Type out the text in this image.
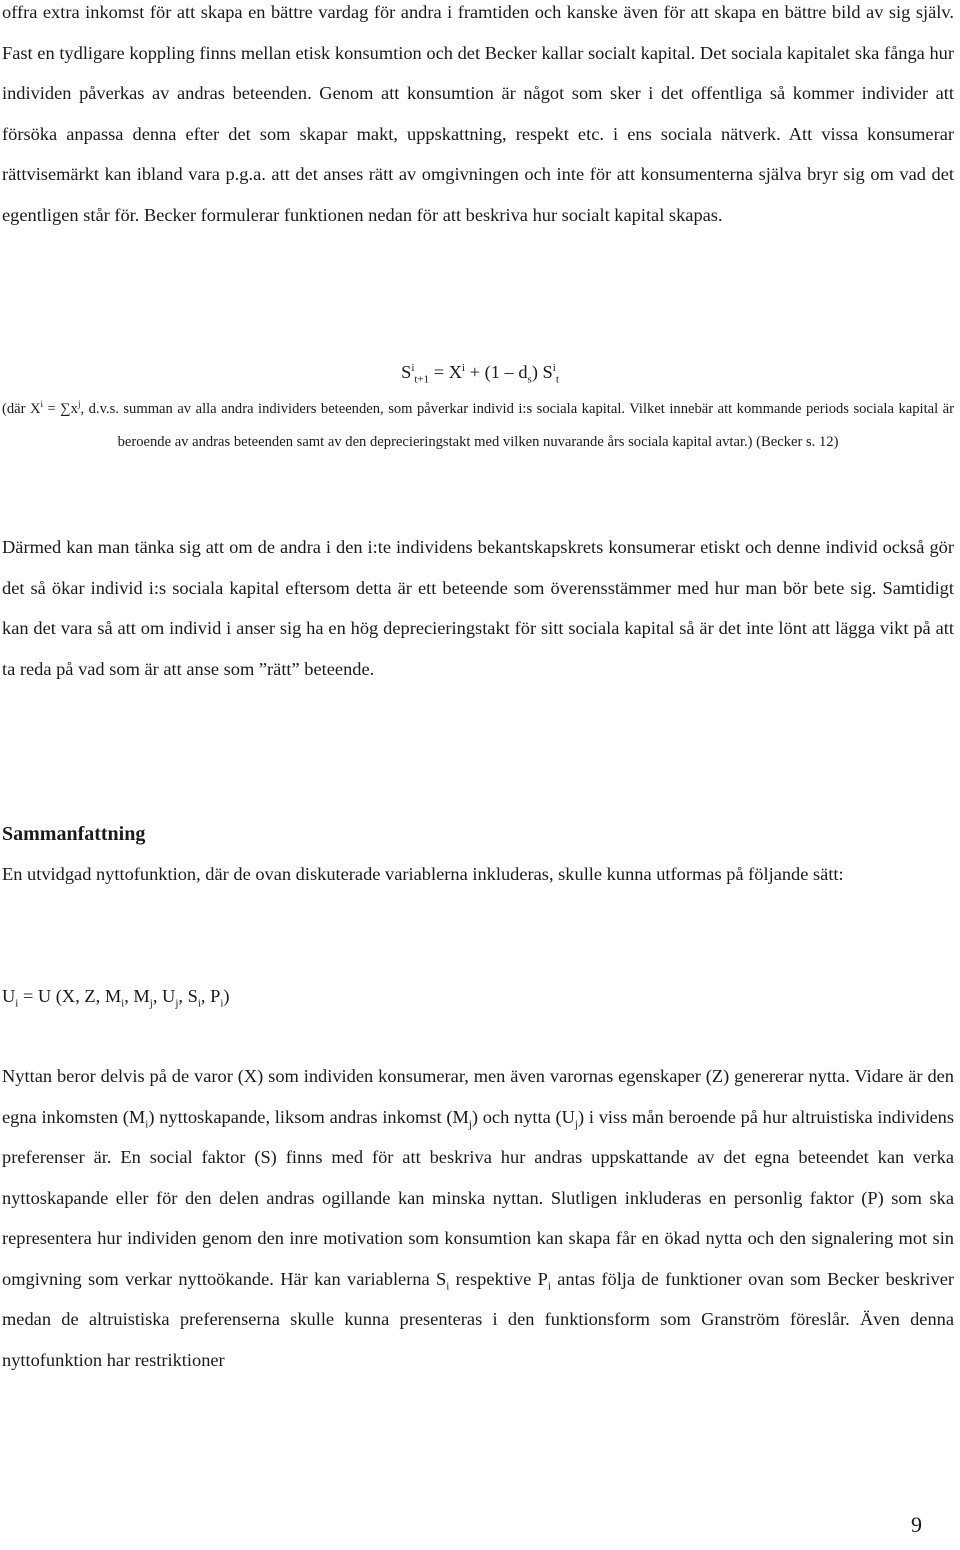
offra extra inkomst för att skapa en bättre vardag för andra i framtiden och kanske även för att skapa en bättre bild av sig själv. Fast en tydligare koppling finns mellan etisk konsumtion och det Becker kallar socialt kapital. Det sociala kapitalet ska fånga hur individen påverkas av andras beteenden. Genom att konsumtion är något som sker i det offentliga så kommer individer att försöka anpassa denna efter det som skapar makt, uppskattning, respekt etc. i ens sociala nätverk. Att vissa konsumerar rättvisemärkt kan ibland vara p.g.a. att det anses rätt av omgivningen och inte för att konsumenterna själva bryr sig om vad det egentligen står för. Becker formulerar funktionen nedan för att beskriva hur socialt kapital skapas.

$S^i_{t+1} = X^i + (1 - d_s)$ $S^i_t$

(där $X^i = \sum x^j$, d.v.s. summan av alla andra individers beteenden, som påverkar individ i:s sociala kapital. Vilket innebär att kommande periods sociala kapital är beroende av andras beteenden samt av den deprecieringstakt med vilken nuvarande års sociala kapital avtar.) (Becker s. 12)

Därmed kan man tänka sig att om de andra i den i:te individens bekantskapskrets konsumerar etiskt och denne individ också gör det så ökar individ i:s sociala kapital eftersom detta är ett beteende som överensstämmer med hur man bör bete sig. Samtidigt kan det vara så att om individ i anser sig ha en hög deprecieringstakt för sitt sociala kapital så är det inte lönt att lägga vikt på att ta reda på vad som är att anse som ”rätt” beteende.

Sammanfattning

En utvidgad nyttofunktion, där de ovan diskuterade variablerna inkluderas, skulle kunna utformas på följande sätt:

$U_i = U$ (X, Z, $M_i$, $M_j$, $U_j$, $S_i$, $P_i$)

Nyttan beror delvis på de varor (X) som individen konsumerar, men även varornas egenskaper (Z) genererar nytta. Vidare är den egna inkomsten $(M_i)$ nyttoskapande, liksom andras inkomst $(M_j)$ och nytta $(U_j)$ i viss mån beroende på hur altruistiska individens preferenser är. En social faktor (S) finns med för att beskriva hur andras uppskattande av det egna beteendet kan verka nyttoskapande eller för den delen andras ogillande kan minska nyttan. Slutligen inkluderas en personlig faktor (P) som ska representera hur individen genom den inre motivation som konsumtion kan skapa får en ökad nytta och den signalering mot sin omgivning som verkar nyttoökande. Här kan variablerna $S_i$ respektive $P_i$ antas följa de funktioner ovan som Becker beskriver medan de altruistiska preferenserna skulle kunna presenteras i den funktionsform som Granström föreslår. Även denna nyttofunktion har restriktioner

9
